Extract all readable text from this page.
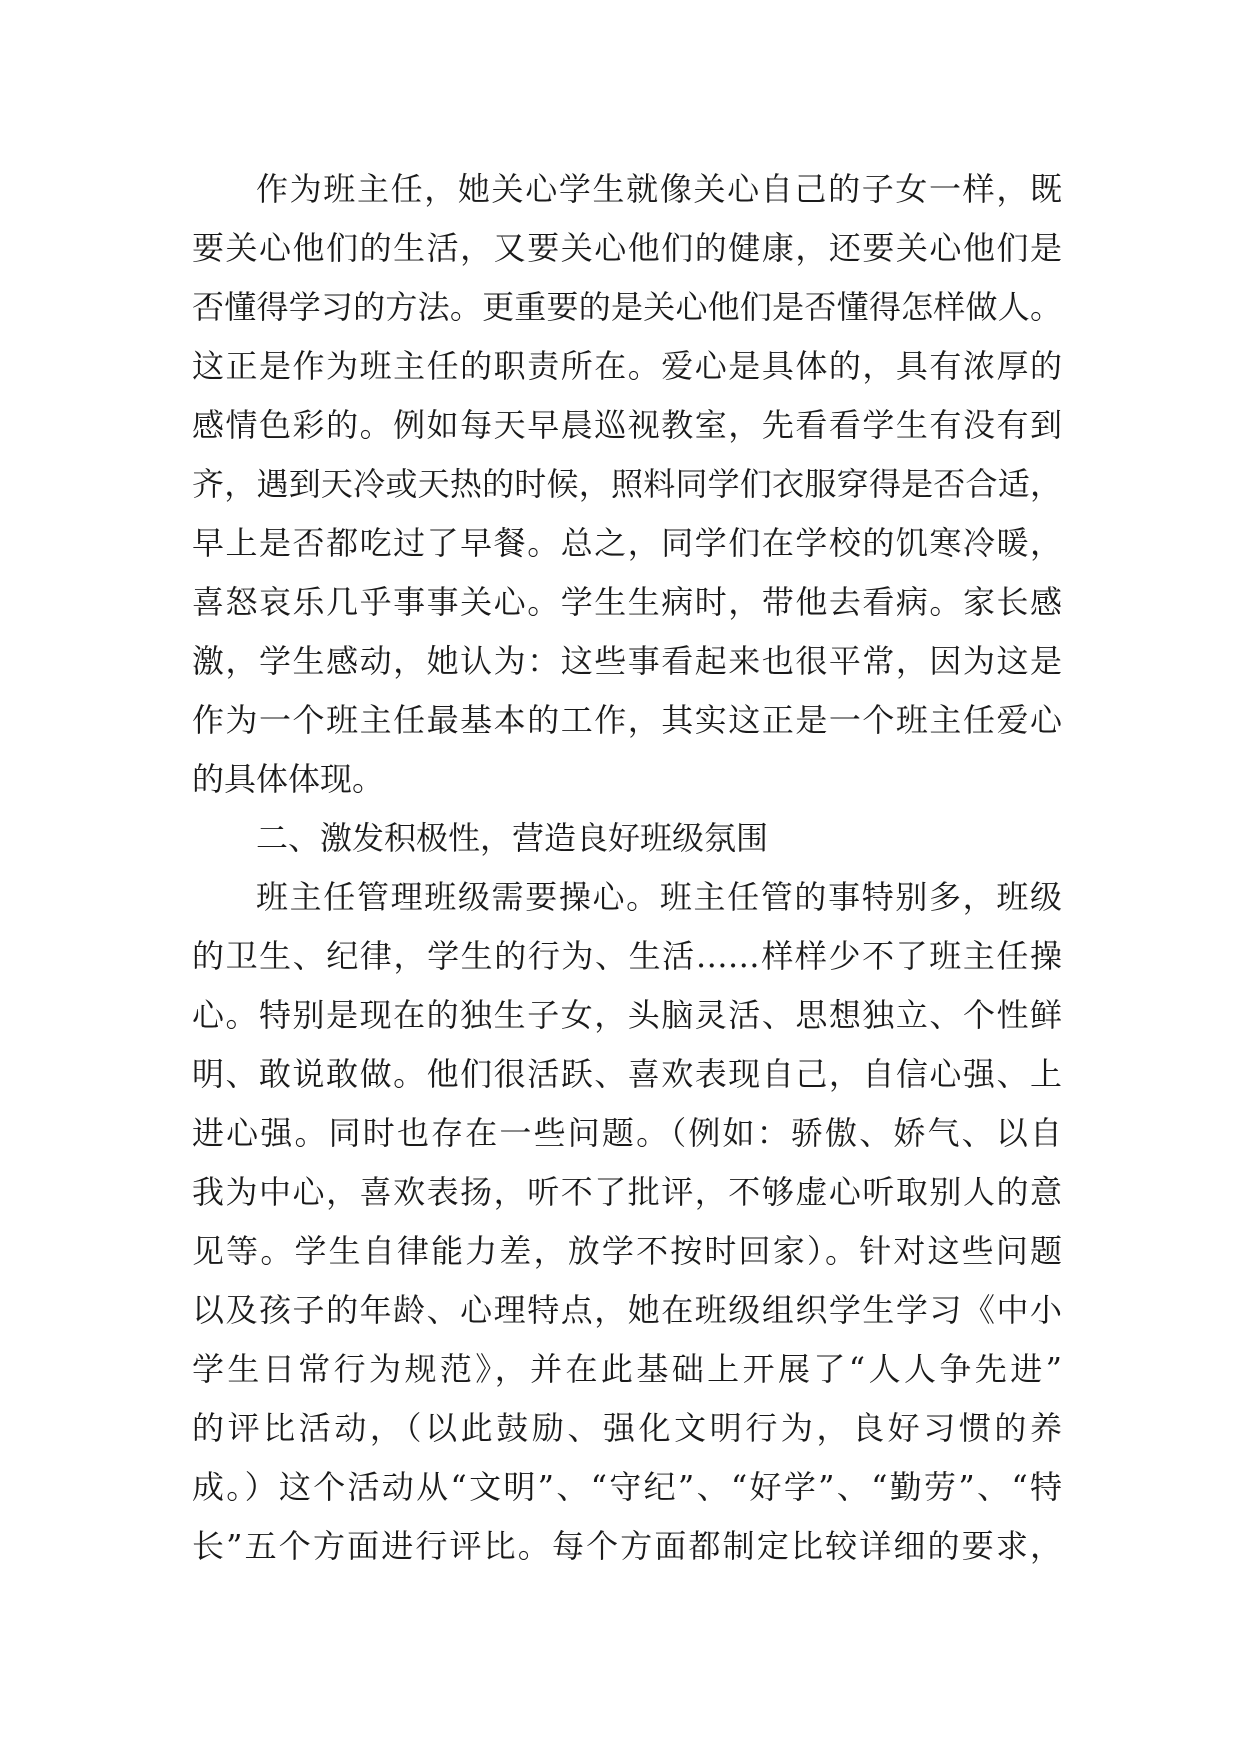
作为班主任，她关心学生就像关心自己的子女一样，既
要关心他们的生活，又要关心他们的健康，还要关心他们是
否懂得学习的方法。更重要的是关心他们是否懂得怎样做人。
这正是作为班主任的职责所在。爱心是具体的，具有浓厚的
感情色彩的。例如每天早晨巡视教室，先看看学生有没有到
齐，遇到天冷或天热的时候，照料同学们衣服穿得是否合适，
早上是否都吃过了早餐。总之，同学们在学校的饥寒冷暖，
喜怒哀乐几乎事事关心。学生生病时，带他去看病。家长感
激，学生感动，她认为：这些事看起来也很平常，因为这是
作为一个班主任最基本的工作，其实这正是一个班主任爱心
的具体体现。
二、激发积极性，营造良好班级氛围
班主任管理班级需要操心。班主任管的事特别多，班级
的卫生、纪律，学生的行为、生活……样样少不了班主任操
心。特别是现在的独生子女，头脑灵活、思想独立、个性鲜
明、敢说敢做。他们很活跃、喜欢表现自己，自信心强、上
进心强。同时也存在一些问题。（例如：骄傲、娇气、以自
我为中心，喜欢表扬，听不了批评，不够虚心听取别人的意
见等。学生自律能力差，放学不按时回家）。针对这些问题
以及孩子的年龄、心理特点，她在班级组织学生学习《中小
学生日常行为规范》，并在此基础上开展了“人人争先进”
的评比活动，（以此鼓励、强化文明行为，良好习惯的养
成。）这个活动从“文明”、“守纪”、“好学”、“勤劳”、“特
长”五个方面进行评比。每个方面都制定比较详细的要求，
